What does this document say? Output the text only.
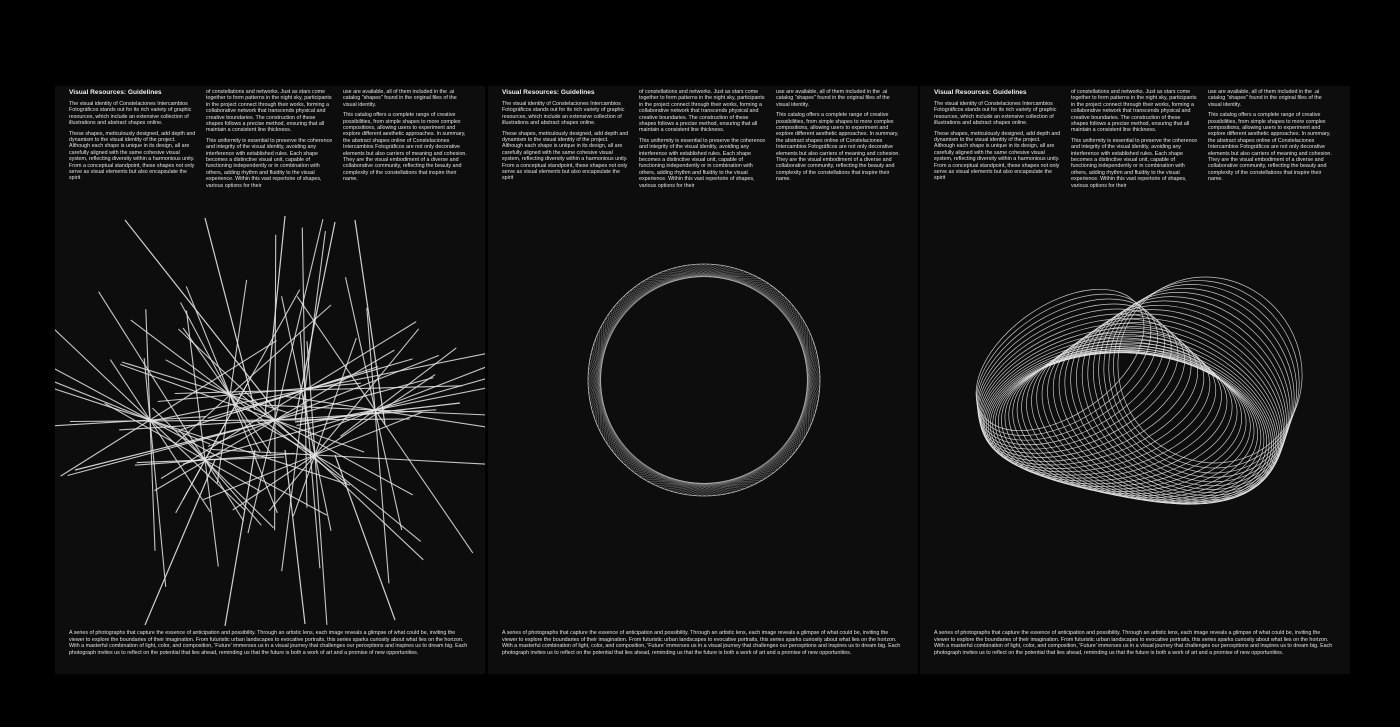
Visual Resources: Guidelines

The visual identity of Constelaciones Intercambios Fotográficos stands out for its rich variety of graphic resources, which include an extensive collection of illustrations and abstract shapes online.

These shapes, meticulously designed, add depth and dynamism to the visual identity of the project. Although each shape is unique in its design, all are carefully aligned with the same cohesive visual system, reflecting diversity within a harmonious unity. From a conceptual standpoint, these shapes not only serve as visual elements but also encapsulate the spirit

of constellations and networks. Just as stars come together to form patterns in the night sky, participants in the project connect through their works, forming a collaborative network that transcends physical and creative boundaries. The construction of these shapes follows a precise method, ensuring that all maintain a consistent line thickness.

This uniformity is essential to preserve the coherence and integrity of the visual identity, avoiding any interference with established rules. Each shape becomes a distinctive visual unit, capable of functioning independently or in combination with others, adding rhythm and fluidity to the visual experience. Within this vast repertoire of shapes, various options for their

use are available, all of them included in the .ai catalog "shapes" found in the original files of the visual identity.

This catalog offers a complete range of creative possibilities, from simple shapes to more complex compositions, allowing users to experiment and explore different aesthetic approaches. In summary, the abstract shapes online of Constelaciones Intercambios Fotográficos are not only decorative elements but also carriers of meaning and cohesion. They are the visual embodiment of a diverse and collaborative community, reflecting the beauty and complexity of the constellations that inspire their name.

A series of photographs that capture the essence of anticipation and possibility. Through an artistic lens, each image reveals a glimpse of what could be, inviting the viewer to explore the boundaries of their imagination. From futuristic urban landscapes to evocative portraits, this series sparks curiosity about what lies on the horizon. With a masterful combination of light, color, and composition, 'Future' immerses us in a visual journey that challenges our perceptions and inspires us to dream big. Each photograph invites us to reflect on the potential that lies ahead, reminding us that the future is both a work of art and a promise of new opportunities.

Visual Resources: Guidelines

The visual identity of Constelaciones Intercambios Fotográficos stands out for its rich variety of graphic resources, which include an extensive collection of illustrations and abstract shapes online.

These shapes, meticulously designed, add depth and dynamism to the visual identity of the project. Although each shape is unique in its design, all are carefully aligned with the same cohesive visual system, reflecting diversity within a harmonious unity. From a conceptual standpoint, these shapes not only serve as visual elements but also encapsulate the spirit

of constellations and networks. Just as stars come together to form patterns in the night sky, participants in the project connect through their works, forming a collaborative network that transcends physical and creative boundaries. The construction of these shapes follows a precise method, ensuring that all maintain a consistent line thickness.

This uniformity is essential to preserve the coherence and integrity of the visual identity, avoiding any interference with established rules. Each shape becomes a distinctive visual unit, capable of functioning independently or in combination with others, adding rhythm and fluidity to the visual experience. Within this vast repertoire of shapes, various options for their

use are available, all of them included in the .ai catalog "shapes" found in the original files of the visual identity.

This catalog offers a complete range of creative possibilities, from simple shapes to more complex compositions, allowing users to experiment and explore different aesthetic approaches. In summary, the abstract shapes online of Constelaciones Intercambios Fotográficos are not only decorative elements but also carriers of meaning and cohesion. They are the visual embodiment of a diverse and collaborative community, reflecting the beauty and complexity of the constellations that inspire their name.

A series of photographs that capture the essence of anticipation and possibility. Through an artistic lens, each image reveals a glimpse of what could be, inviting the viewer to explore the boundaries of their imagination. From futuristic urban landscapes to evocative portraits, this series sparks curiosity about what lies on the horizon. With a masterful combination of light, color, and composition, 'Future' immerses us in a visual journey that challenges our perceptions and inspires us to dream big. Each photograph invites us to reflect on the potential that lies ahead, reminding us that the future is both a work of art and a promise of new opportunities.

Visual Resources: Guidelines

The visual identity of Constelaciones Intercambios Fotográficos stands out for its rich variety of graphic resources, which include an extensive collection of illustrations and abstract shapes online.

These shapes, meticulously designed, add depth and dynamism to the visual identity of the project. Although each shape is unique in its design, all are carefully aligned with the same cohesive visual system, reflecting diversity within a harmonious unity. From a conceptual standpoint, these shapes not only serve as visual elements but also encapsulate the spirit

of constellations and networks. Just as stars come together to form patterns in the night sky, participants in the project connect through their works, forming a collaborative network that transcends physical and creative boundaries. The construction of these shapes follows a precise method, ensuring that all maintain a consistent line thickness.

This uniformity is essential to preserve the coherence and integrity of the visual identity, avoiding any interference with established rules. Each shape becomes a distinctive visual unit, capable of functioning independently or in combination with others, adding rhythm and fluidity to the visual experience. Within this vast repertoire of shapes, various options for their

use are available, all of them included in the .ai catalog "shapes" found in the original files of the visual identity.

This catalog offers a complete range of creative possibilities, from simple shapes to more complex compositions, allowing users to experiment and explore different aesthetic approaches. In summary, the abstract shapes online of Constelaciones Intercambios Fotográficos are not only decorative elements but also carriers of meaning and cohesion. They are the visual embodiment of a diverse and collaborative community, reflecting the beauty and complexity of the constellations that inspire their name.

A series of photographs that capture the essence of anticipation and possibility. Through an artistic lens, each image reveals a glimpse of what could be, inviting the viewer to explore the boundaries of their imagination. From futuristic urban landscapes to evocative portraits, this series sparks curiosity about what lies on the horizon. With a masterful combination of light, color, and composition, 'Future' immerses us in a visual journey that challenges our perceptions and inspires us to dream big. Each photograph invites us to reflect on the potential that lies ahead, reminding us that the future is both a work of art and a promise of new opportunities.
